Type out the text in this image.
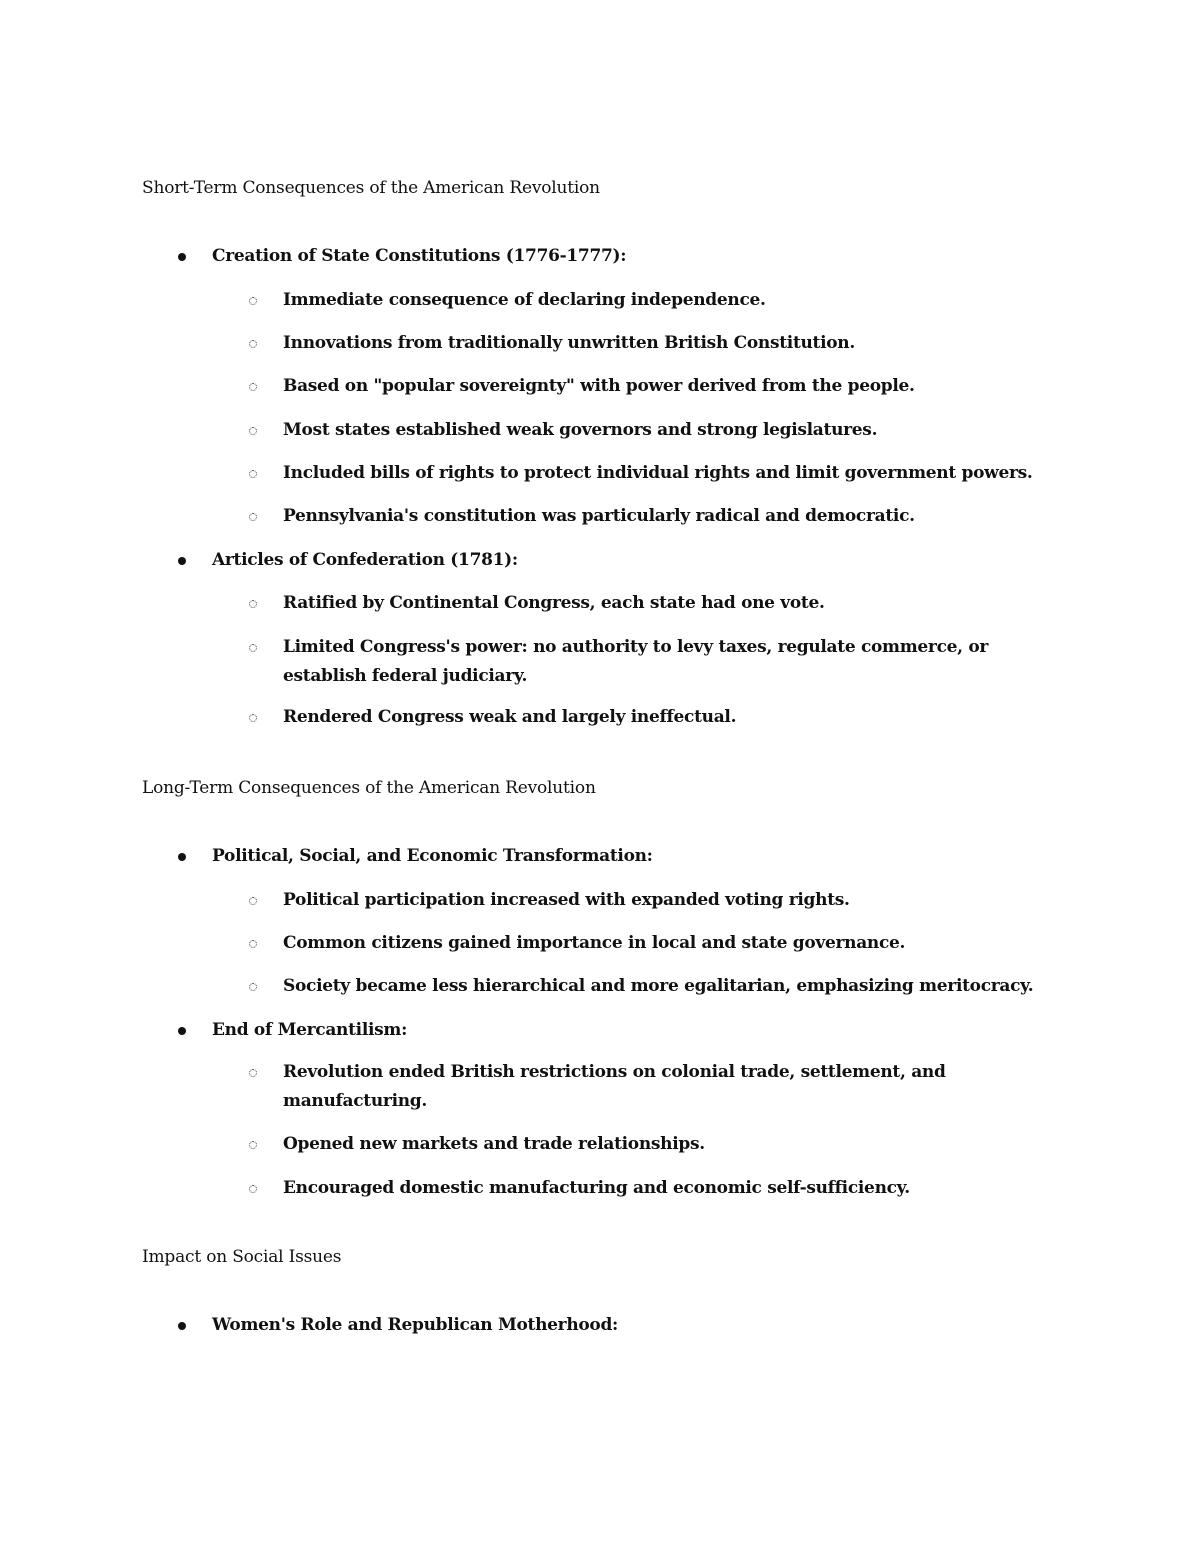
Short-Term Consequences of the American Revolution
Creation of State Constitutions (1776-1777):
Immediate consequence of declaring independence.
Innovations from traditionally unwritten British Constitution.
Based on "popular sovereignty" with power derived from the people.
Most states established weak governors and strong legislatures.
Included bills of rights to protect individual rights and limit government powers.
Pennsylvania's constitution was particularly radical and democratic.
Articles of Confederation (1781):
Ratified by Continental Congress, each state had one vote.
Limited Congress's power: no authority to levy taxes, regulate commerce, or establish federal judiciary.
Rendered Congress weak and largely ineffectual.
Long-Term Consequences of the American Revolution
Political, Social, and Economic Transformation:
Political participation increased with expanded voting rights.
Common citizens gained importance in local and state governance.
Society became less hierarchical and more egalitarian, emphasizing meritocracy.
End of Mercantilism:
Revolution ended British restrictions on colonial trade, settlement, and manufacturing.
Opened new markets and trade relationships.
Encouraged domestic manufacturing and economic self-sufficiency.
Impact on Social Issues
Women's Role and Republican Motherhood:
